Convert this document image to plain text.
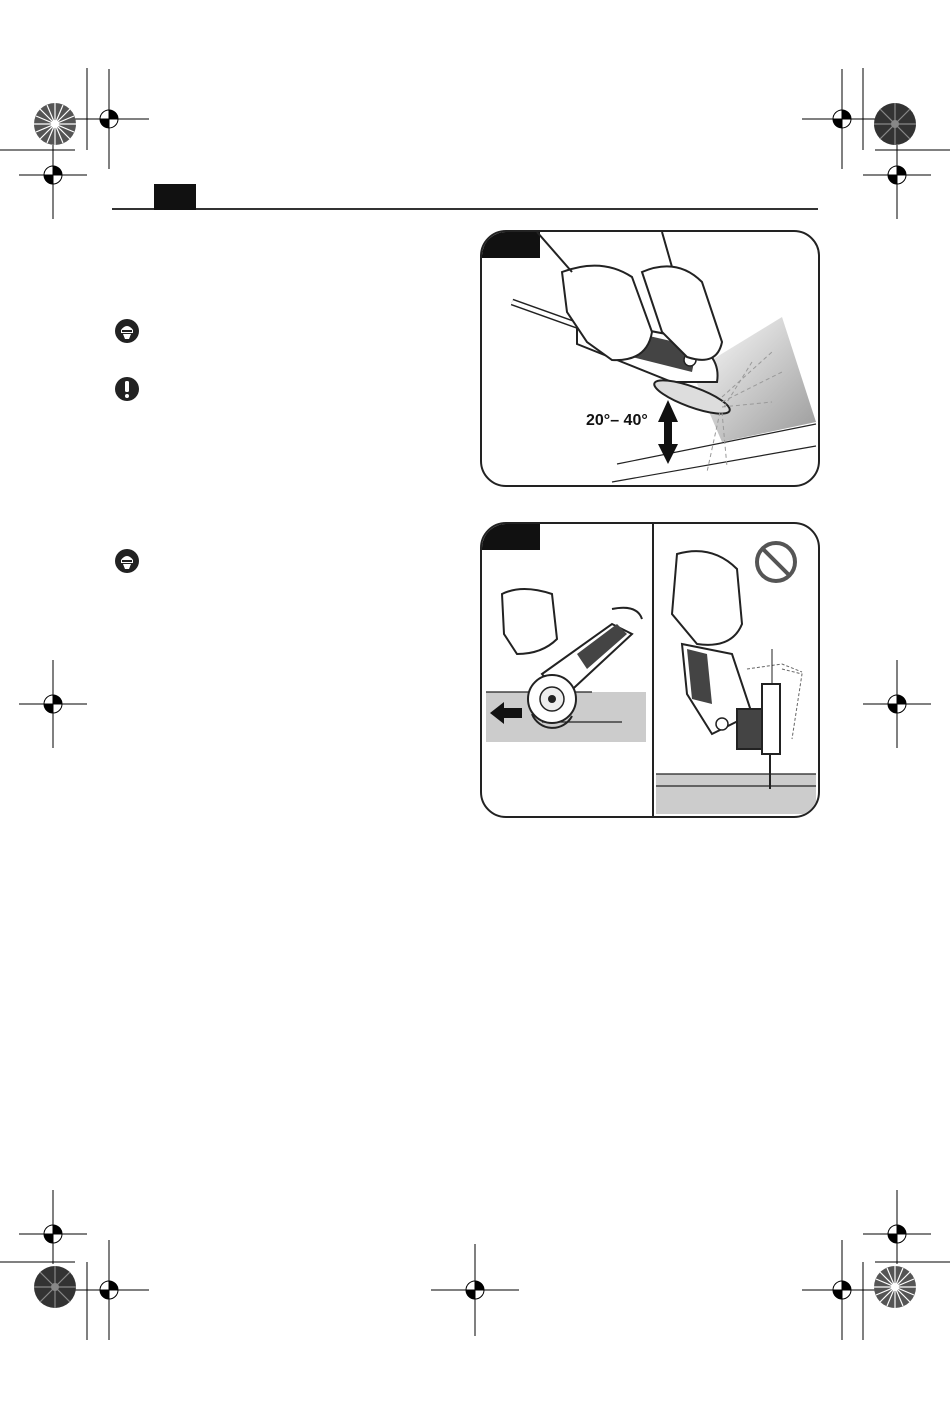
20°– 40°
